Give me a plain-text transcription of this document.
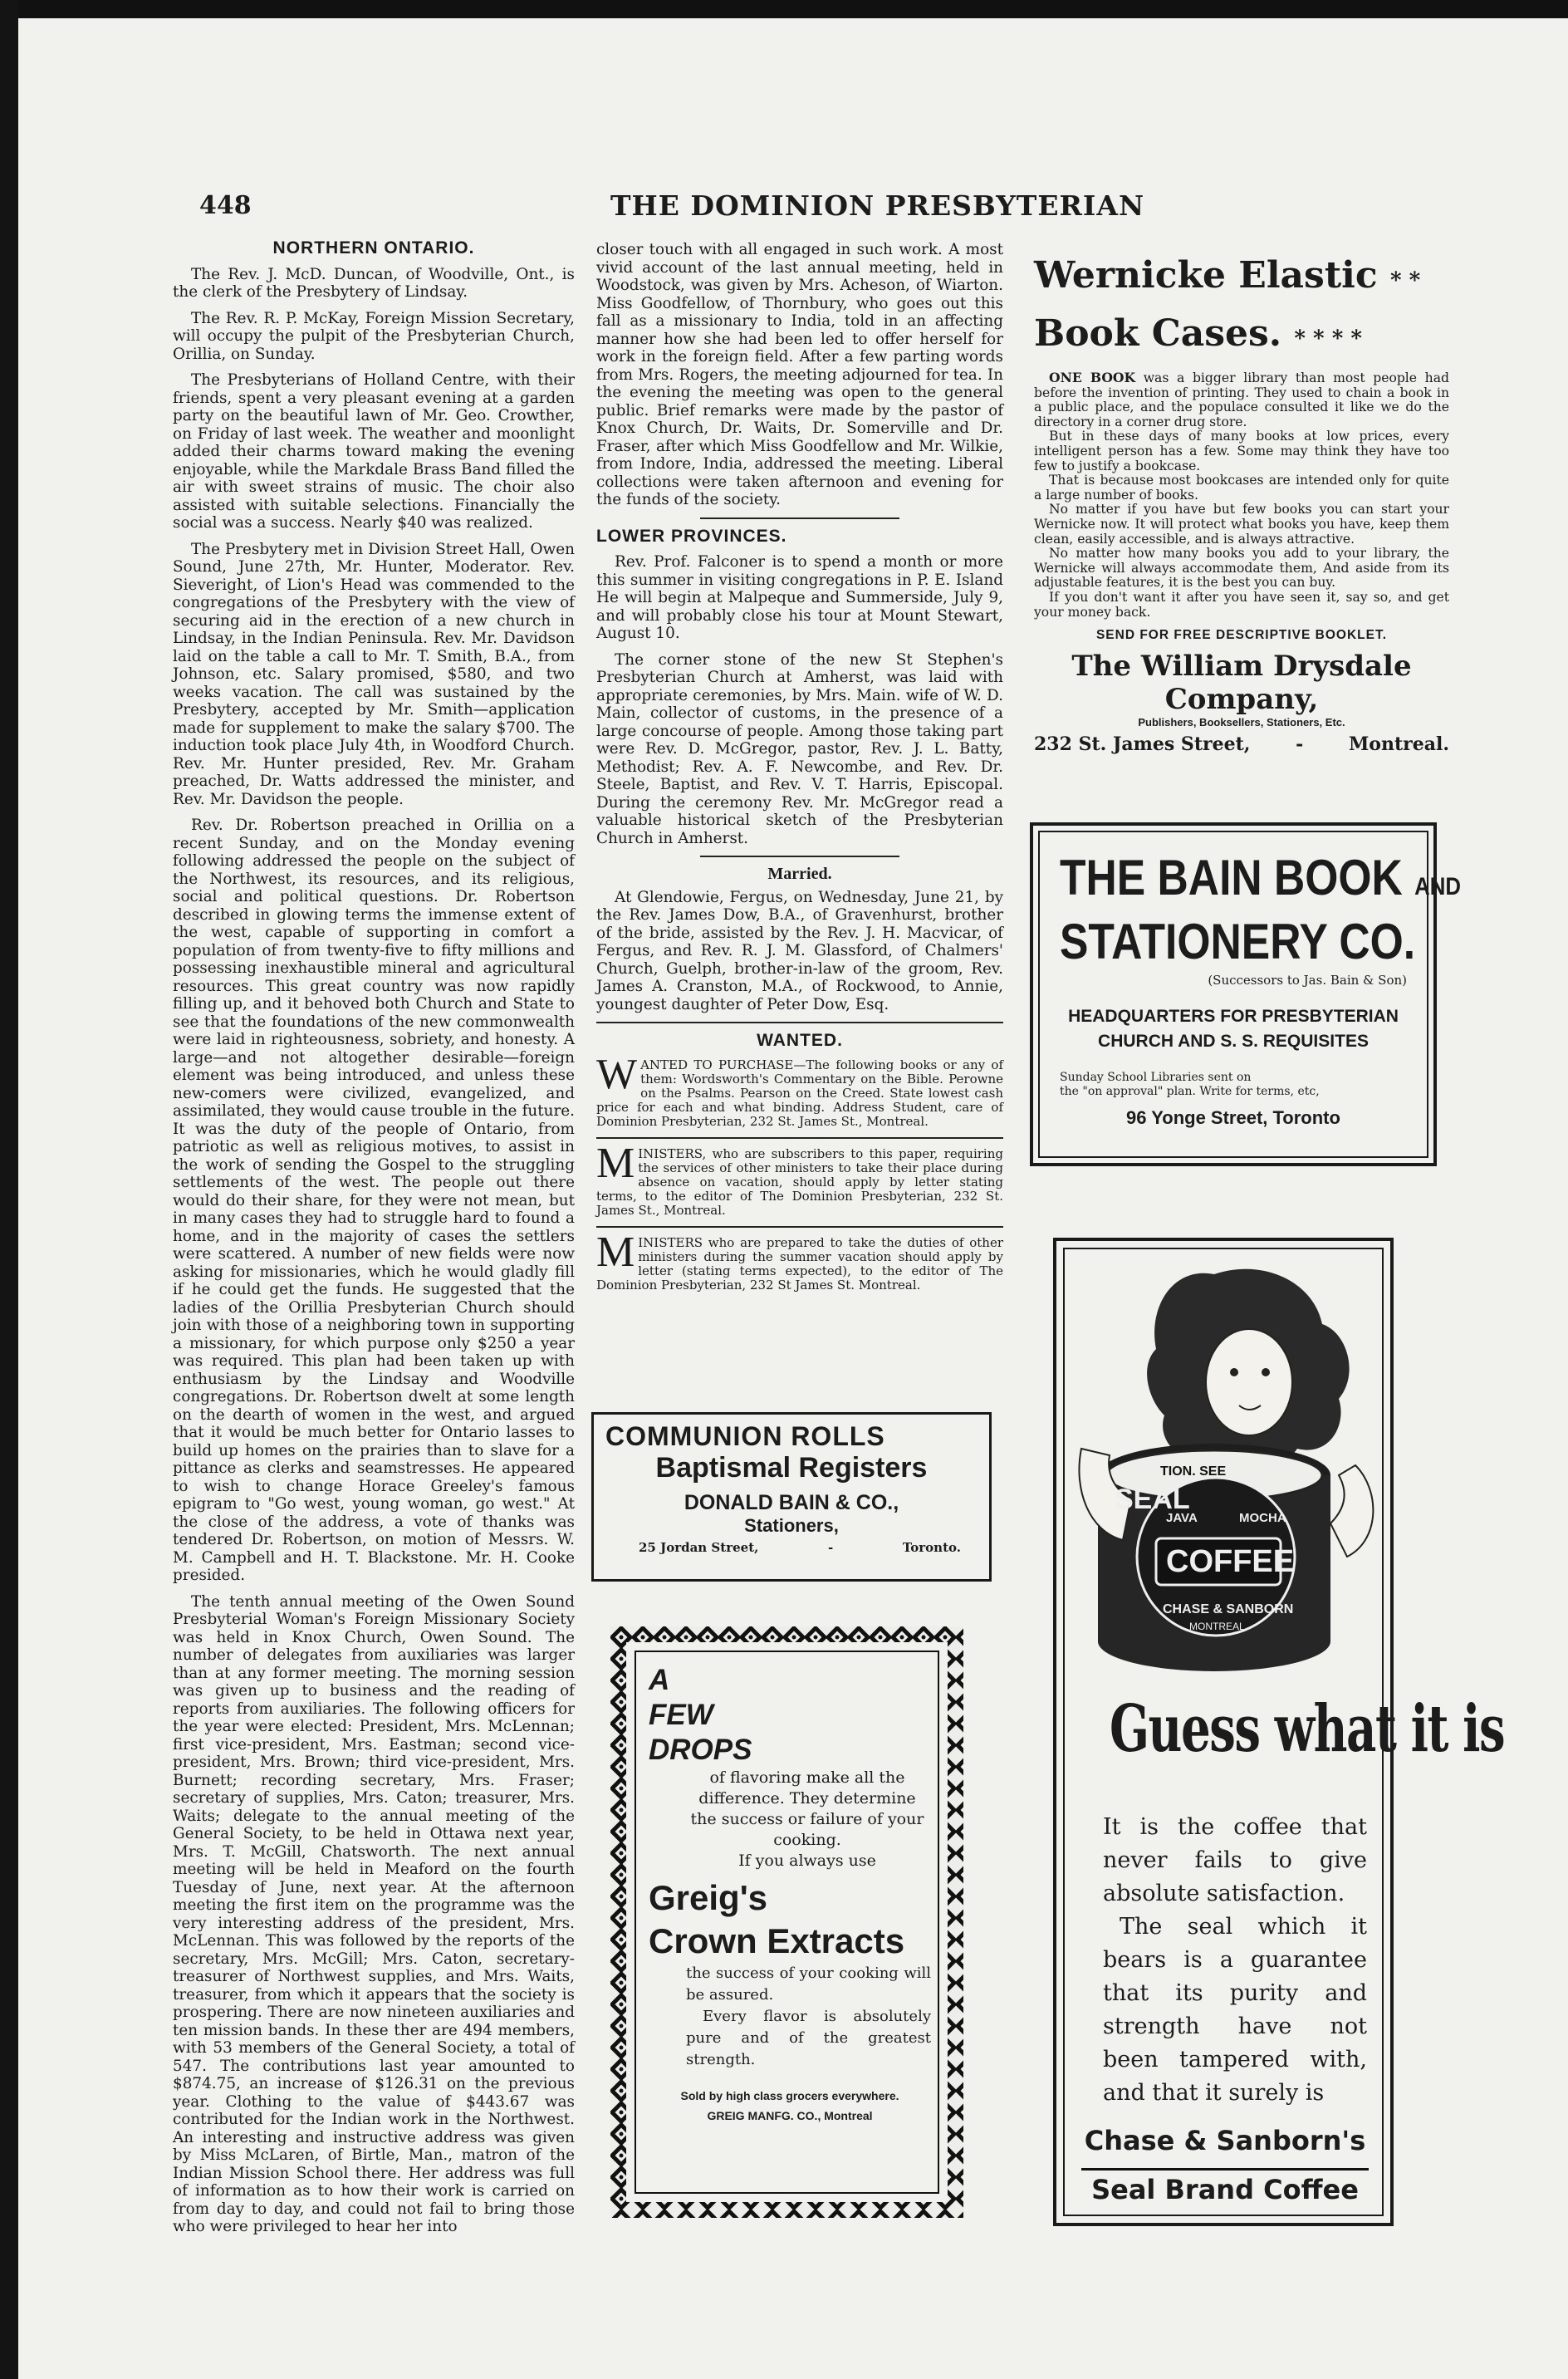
448	THE DOMINION PRESBYTERIAN

NORTHERN ONTARIO.

The Rev. J. McD. Duncan, of Woodville, Ont., is the clerk of the Presbytery of Lindsay.

The Rev. R. P. McKay, Foreign Mission Secretary, will occupy the pulpit of the Presbyterian Church, Orillia, on Sunday.

The Presbyterians of Holland Centre, with their friends, spent a very pleasant evening at a garden party on the beautiful lawn of Mr. Geo. Crowther, on Friday of last week. The weather and moonlight added their charms toward making the evening enjoyable, while the Markdale Brass Band filled the air with sweet strains of music. The choir also assisted with suitable selections. Financially the social was a success. Nearly $40 was realized.

The Presbytery met in Division Street Hall, Owen Sound, June 27th, Mr. Hunter, Moderator. Rev. Sieveright, of Lion's Head was commended to the congregations of the Presbytery with the view of securing aid in the erection of a new church in Lindsay, in the Indian Peninsula. Rev. Mr. Davidson laid on the table a call to Mr. T. Smith, B.A., from Johnson, etc. Salary promised, $580, and two weeks vacation. The call was sustained by the Presbytery, accepted by Mr. Smith—application made for supplement to make the salary $700. The induction took place July 4th, in Woodford Church. Rev. Mr. Hunter presided, Rev. Mr. Graham preached, Dr. Watts addressed the minister, and Rev. Mr. Davidson the people.

Rev. Dr. Robertson preached in Orillia on a recent Sunday, and on the Monday evening following addressed the people on the subject of the Northwest, its resources, and its religious, social and political questions. Dr. Robertson described in glowing terms the immense extent of the west, capable of supporting in comfort a population of from twenty-five to fifty millions and possessing inexhaustible mineral and agricultural resources. This great country was now rapidly filling up, and it behoved both Church and State to see that the foundations of the new commonwealth were laid in righteousness, sobriety, and honesty. A large—and not altogether desirable—foreign element was being introduced, and unless these new-comers were civilized, evangelized, and assimilated, they would cause trouble in the future. It was the duty of the people of Ontario, from patriotic as well as religious motives, to assist in the work of sending the Gospel to the struggling settlements of the west. The people out there would do their share, for they were not mean, but in many cases they had to struggle hard to found a home, and in the majority of cases the settlers were scattered. A number of new fields were now asking for missionaries, which he would gladly fill if he could get the funds. He suggested that the ladies of the Orillia Presbyterian Church should join with those of a neighboring town in supporting a missionary, for which purpose only $250 a year was required. This plan had been taken up with enthusiasm by the Lindsay and Woodville congregations. Dr. Robertson dwelt at some length on the dearth of women in the west, and argued that it would be much better for Ontario lasses to build up homes on the prairies than to slave for a pittance as clerks and seamstresses. He appeared to wish to change Horace Greeley's famous epigram to "Go west, young woman, go west." At the close of the address, a vote of thanks was tendered Dr. Robertson, on motion of Messrs. W. M. Campbell and H. T. Blackstone. Mr. H. Cooke presided.

The tenth annual meeting of the Owen Sound Presbyterial Woman's Foreign Missionary Society was held in Knox Church, Owen Sound. The number of delegates from auxiliaries was larger than at any former meeting. The morning session was given up to business and the reading of reports from auxiliaries. The following officers for the year were elected: President, Mrs. McLennan; first vice-president, Mrs. Eastman; second vice-president, Mrs. Brown; third vice-president, Mrs. Burnett; recording secretary, Mrs. Fraser; secretary of supplies, Mrs. Caton; treasurer, Mrs. Waits; delegate to the annual meeting of the General Society, to be held in Ottawa next year, Mrs. T. McGill, Chatsworth. The next annual meeting will be held in Meaford on the fourth Tuesday of June, next year. At the afternoon meeting the first item on the programme was the very interesting address of the president, Mrs. McLennan. This was followed by the reports of the secretary, Mrs. McGill; Mrs. Caton, secretary-treasurer of Northwest supplies, and Mrs. Waits, treasurer, from which it appears that the society is prospering. There are now nineteen auxiliaries and ten mission bands. In these ther are 494 members, with 53 members of the General Society, a total of 547. The contributions last year amounted to $874.75, an increase of $126.31 on the previous year. Clothing to the value of $443.67 was contributed for the Indian work in the Northwest. An interesting and instructive address was given by Miss McLaren, of Birtle, Man., matron of the Indian Mission School there. Her address was full of information as to how their work is carried on from day to day, and could not fail to bring those who were privileged to hear her into

closer touch with all engaged in such work. A most vivid account of the last annual meeting, held in Woodstock, was given by Mrs. Acheson, of Wiarton. Miss Goodfellow, of Thornbury, who goes out this fall as a missionary to India, told in an affecting manner how she had been led to offer herself for work in the foreign field. After a few parting words from Mrs. Rogers, the meeting adjourned for tea. In the evening the meeting was open to the general public. Brief remarks were made by the pastor of Knox Church, Dr. Waits, Dr. Somerville and Dr. Fraser, after which Miss Goodfellow and Mr. Wilkie, from Indore, India, addressed the meeting. Liberal collections were taken afternoon and evening for the funds of the society.

LOWER PROVINCES.

Rev. Prof. Falconer is to spend a month or more this summer in visiting congregations in P. E. Island He will begin at Malpeque and Summerside, July 9, and will probably close his tour at Mount Stewart, August 10.

The corner stone of the new St Stephen's Presbyterian Church at Amherst, was laid with appropriate ceremonies, by Mrs. Main. wife of W. D. Main, collector of customs, in the presence of a large concourse of people. Among those taking part were Rev. D. McGregor, pastor, Rev. J. L. Batty, Methodist; Rev. A. F. Newcombe, and Rev. Dr. Steele, Baptist, and Rev. V. T. Harris, Episcopal. During the ceremony Rev. Mr. McGregor read a valuable historical sketch of the Presbyterian Church in Amherst.

Married.

At Glendowie, Fergus, on Wednesday, June 21, by the Rev. James Dow, B.A., of Gravenhurst, brother of the bride, assisted by the Rev. J. H. Macvicar, of Fergus, and Rev. R. J. M. Glassford, of Chalmers' Church, Guelph, brother-in-law of the groom, Rev. James A. Cranston, M.A., of Rockwood, to Annie, youngest daughter of Peter Dow, Esq.

WANTED.

WANTED TO PURCHASE—The following books or any of them: Wordsworth's Commentary on the Bible. Perowne on the Psalms. Pearson on the Creed. State lowest cash price for each and what binding. Address Student, care of Dominion Presbyterian, 232 St. James St., Montreal.

MINISTERS, who are subscribers to this paper, requiring the services of other ministers to take their place during absence on vacation, should apply by letter stating terms, to the editor of The Dominion Presbyterian, 232 St. James St., Montreal.

MINISTERS who are prepared to take the duties of other ministers during the summer vacation should apply by letter (stating terms expected), to the editor of The Dominion Presbyterian, 232 St James St. Montreal.

Wernicke Elastic * *
Book Cases. * * * *

ONE BOOK was a bigger library than most people had before the invention of printing. They used to chain a book in a public place, and the populace consulted it like we do the directory in a corner drug store.

But in these days of many books at low prices, every intelligent person has a few. Some may think they have too few to justify a bookcase.

That is because most bookcases are intended only for quite a large number of books.

No matter if you have but few books you can start your Wernicke now. It will protect what books you have, keep them clean, easily accessible, and is always attractive.

No matter how many books you add to your library, the Wernicke will always accommodate them, And aside from its adjustable features, it is the best you can buy.

If you don't want it after you have seen it, say so, and get your money back.

SEND FOR FREE DESCRIPTIVE BOOKLET.
The William Drysdale Company,
Publishers, Booksellers, Stationers, Etc.
232 St. James Street, - Montreal.
THE BAIN BOOK AND
STATIONERY CO.
(Successors to Jas. Bain & Son)
HEADQUARTERS FOR PRESBYTERIAN
CHURCH AND S. S. REQUISITES
Sunday School Libraries sent on
the "on approval" plan. Write for terms, etc,
96 Yonge Street, Toronto
COMMUNION ROLLS
Baptismal Registers
DONALD BAIN & CO.,
Stationers,
25 Jordan Street,	-	Toronto.
A
FEW
DROPS
of flavoring make all the difference. They determine the success or failure of your cooking.
If you always use
Greig's
Crown Extracts
the success of your cooking will be assured.
Every flavor is absolutely pure and of the greatest strength.
Sold by high class grocers everywhere.
GREIG MANFG. CO., Montreal
TION. SEE
SEAL
JAVA	MOCHA
COFFEE
CHASE & SANBORN
MONTREAL
Guess what it is

It is the coffee that never fails to give absolute satisfaction.

The seal which it bears is a guarantee that its purity and strength have not been tampered with, and that it surely is

Chase & Sanborn's
Seal Brand Coffee
